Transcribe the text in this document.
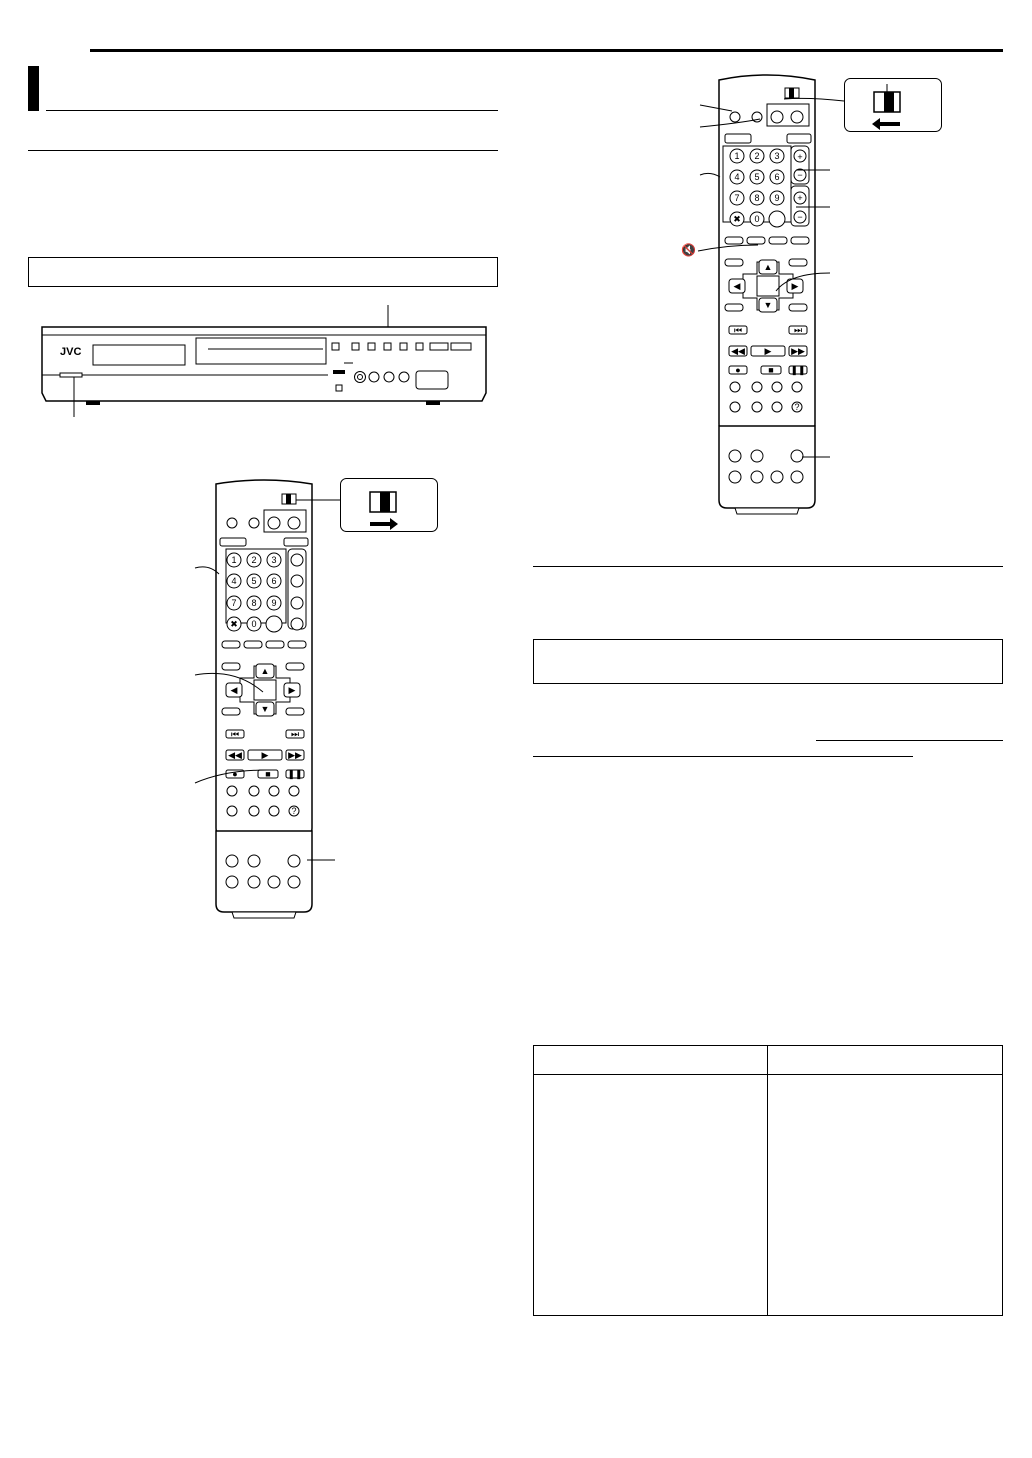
JVC
1 2 3
4 5 6
7 8 9
✖ 0
▲
▼
◀	▶
⏮	⏭
◀◀ ▶ ▶▶
●	■ ❚❚
?
1 2 3
4 5 6
7 8 9
✖ 0
+
−
+
−
▲
▼
◀	▶
⏮	⏭
◀◀ ▶ ▶▶
●	■ ❚❚
?
🔇
